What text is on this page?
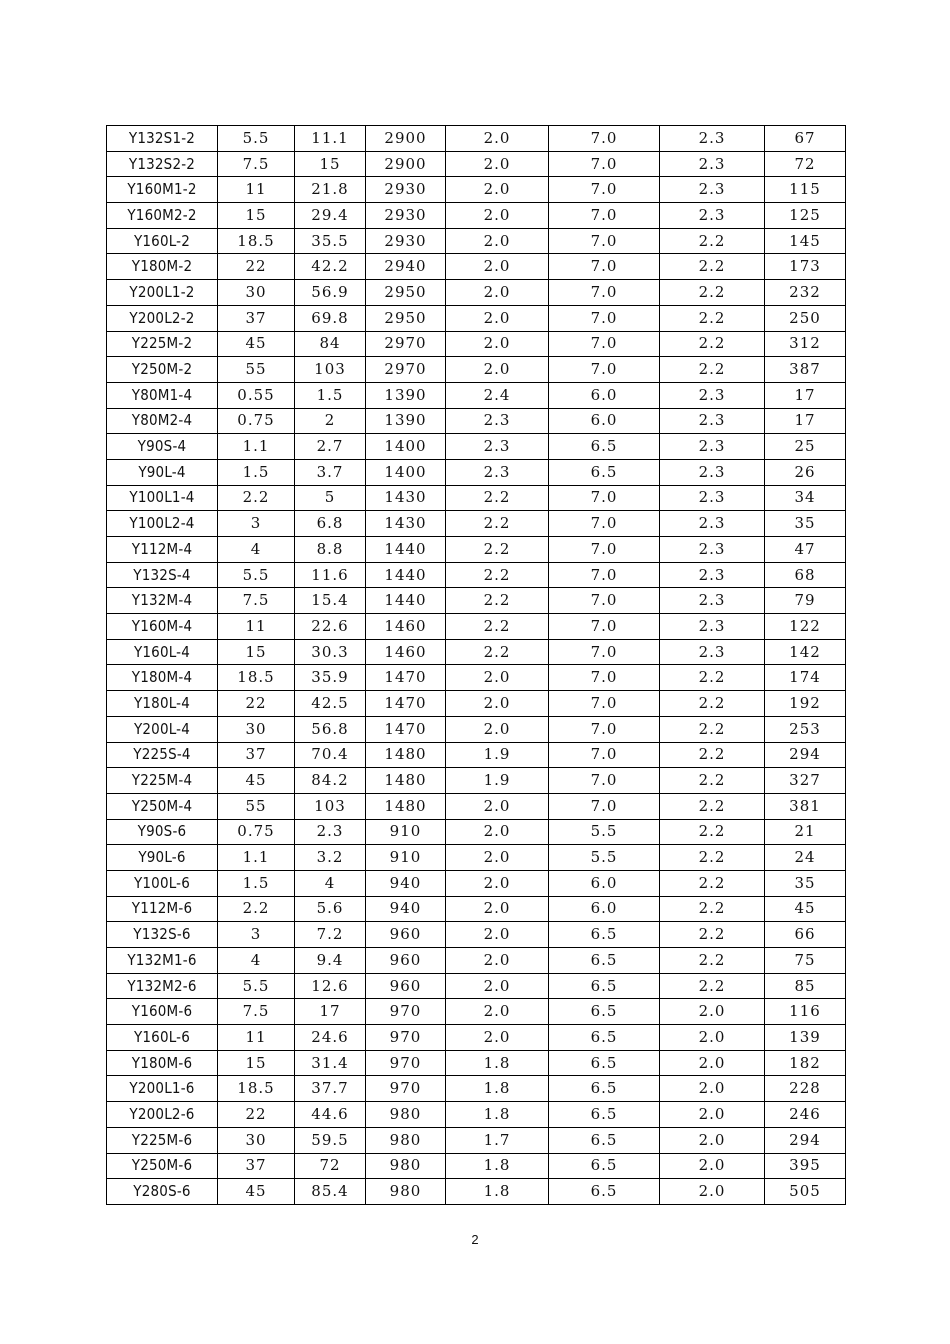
Y132S1-2	5.5	11.1	2900	2.0	7.0	2.3	67
Y132S2-2	7.5	15	2900	2.0	7.0	2.3	72
Y160M1-2	11	21.8	2930	2.0	7.0	2.3	115
Y160M2-2	15	29.4	2930	2.0	7.0	2.3	125
Y160L-2	18.5	35.5	2930	2.0	7.0	2.2	145
Y180M-2	22	42.2	2940	2.0	7.0	2.2	173
Y200L1-2	30	56.9	2950	2.0	7.0	2.2	232
Y200L2-2	37	69.8	2950	2.0	7.0	2.2	250
Y225M-2	45	84	2970	2.0	7.0	2.2	312
Y250M-2	55	103	2970	2.0	7.0	2.2	387
Y80M1-4	0.55	1.5	1390	2.4	6.0	2.3	17
Y80M2-4	0.75	2	1390	2.3	6.0	2.3	17
Y90S-4	1.1	2.7	1400	2.3	6.5	2.3	25
Y90L-4	1.5	3.7	1400	2.3	6.5	2.3	26
Y100L1-4	2.2	5	1430	2.2	7.0	2.3	34
Y100L2-4	3	6.8	1430	2.2	7.0	2.3	35
Y112M-4	4	8.8	1440	2.2	7.0	2.3	47
Y132S-4	5.5	11.6	1440	2.2	7.0	2.3	68
Y132M-4	7.5	15.4	1440	2.2	7.0	2.3	79
Y160M-4	11	22.6	1460	2.2	7.0	2.3	122
Y160L-4	15	30.3	1460	2.2	7.0	2.3	142
Y180M-4	18.5	35.9	1470	2.0	7.0	2.2	174
Y180L-4	22	42.5	1470	2.0	7.0	2.2	192
Y200L-4	30	56.8	1470	2.0	7.0	2.2	253
Y225S-4	37	70.4	1480	1.9	7.0	2.2	294
Y225M-4	45	84.2	1480	1.9	7.0	2.2	327
Y250M-4	55	103	1480	2.0	7.0	2.2	381
Y90S-6	0.75	2.3	910	2.0	5.5	2.2	21
Y90L-6	1.1	3.2	910	2.0	5.5	2.2	24
Y100L-6	1.5	4	940	2.0	6.0	2.2	35
Y112M-6	2.2	5.6	940	2.0	6.0	2.2	45
Y132S-6	3	7.2	960	2.0	6.5	2.2	66
Y132M1-6	4	9.4	960	2.0	6.5	2.2	75
Y132M2-6	5.5	12.6	960	2.0	6.5	2.2	85
Y160M-6	7.5	17	970	2.0	6.5	2.0	116
Y160L-6	11	24.6	970	2.0	6.5	2.0	139
Y180M-6	15	31.4	970	1.8	6.5	2.0	182
Y200L1-6	18.5	37.7	970	1.8	6.5	2.0	228
Y200L2-6	22	44.6	980	1.8	6.5	2.0	246
Y225M-6	30	59.5	980	1.7	6.5	2.0	294
Y250M-6	37	72	980	1.8	6.5	2.0	395
Y280S-6	45	85.4	980	1.8	6.5	2.0	505
2
